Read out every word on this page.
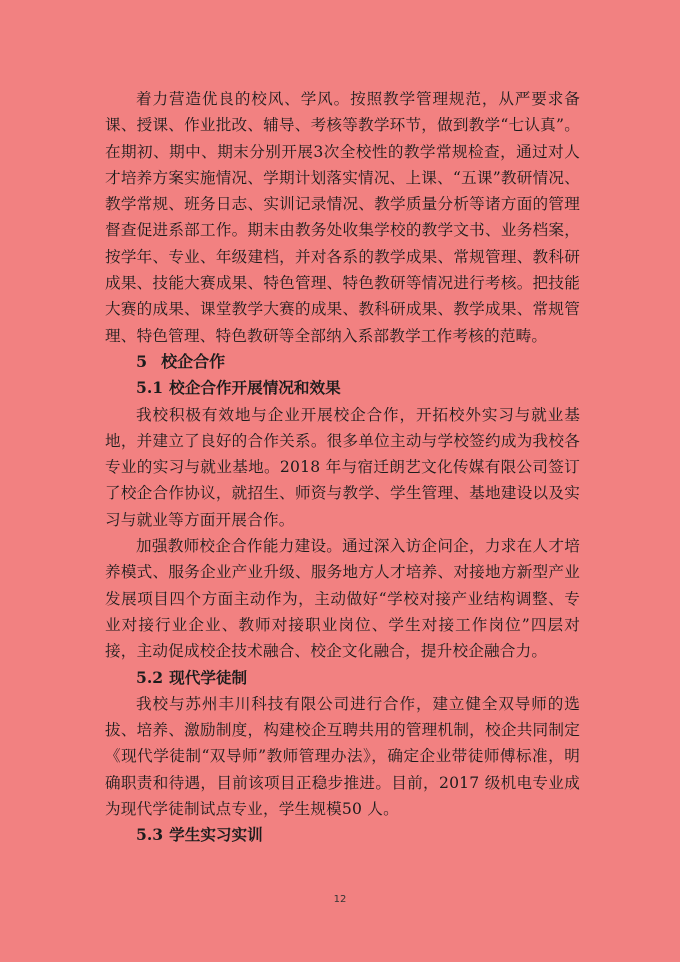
着力营造优良的校风、学风。按照教学管理规范，从严要求备课、授课、作业批改、辅导、考核等教学环节，做到教学“七认真”。在期初、期中、期末分别开展3次全校性的教学常规检查，通过对人才培养方案实施情况、学期计划落实情况、上课、“五课”教研情况、教学常规、班务日志、实训记录情况、教学质量分析等诸方面的管理督查促进系部工作。期末由教务处收集学校的教学文书、业务档案，按学年、专业、年级建档，并对各系的教学成果、常规管理、教科研成果、技能大赛成果、特色管理、特色教研等情况进行考核。把技能大赛的成果、课堂教学大赛的成果、教科研成果、教学成果、常规管理、特色管理、特色教研等全部纳入系部教学工作考核的范畴。

5 校企合作
5.1 校企合作开展情况和效果

我校积极有效地与企业开展校企合作，开拓校外实习与就业基地，并建立了良好的合作关系。很多单位主动与学校签约成为我校各专业的实习与就业基地。2018 年与宿迁朗艺文化传媒有限公司签订了校企合作协议，就招生、师资与教学、学生管理、基地建设以及实习与就业等方面开展合作。

加强教师校企合作能力建设。通过深入访企问企，力求在人才培养模式、服务企业产业升级、服务地方人才培养、对接地方新型产业发展项目四个方面主动作为，主动做好“学校对接产业结构调整、专业对接行业企业、教师对接职业岗位、学生对接工作岗位”四层对接，主动促成校企技术融合、校企文化融合，提升校企融合力。

5.2 现代学徒制

我校与苏州丰川科技有限公司进行合作，建立健全双导师的选拔、培养、激励制度，构建校企互聘共用的管理机制，校企共同制定《现代学徒制“双导师”教师管理办法》，确定企业带徒师傅标准，明确职责和待遇，目前该项目正稳步推进。目前，2017 级机电专业成为现代学徒制试点专业，学生规模50 人。

5.3 学生实习实训
12
